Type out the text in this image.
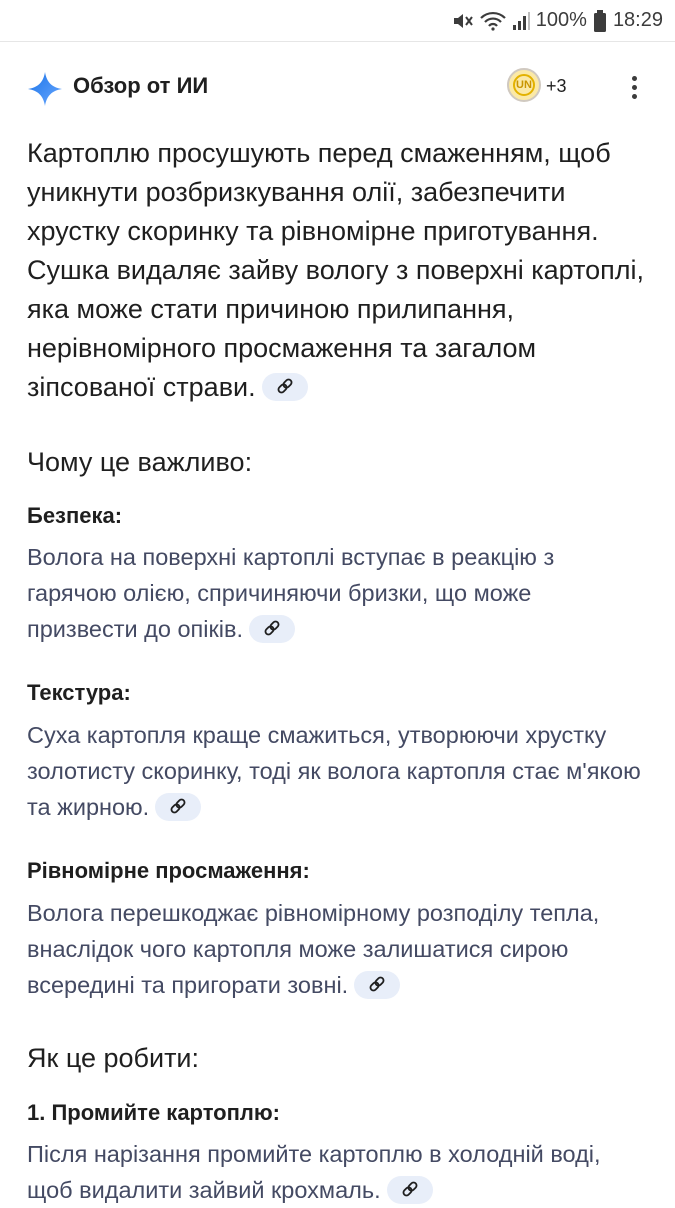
100% 18:29
Обзор от ИИ	UN +3

Картоплю просушують перед смаженням, щоб уникнути розбризкування олії, забезпечити хрустку скоринку та рівномірне приготування. Сушка видаляє зайву вологу з поверхні картоплі, яка може стати причиною прилипання, нерівномірного просмаження та загалом зіпсованої страви.

Чому це важливо:
Безпека:

Волога на поверхні картоплі вступає в реакцію з гарячою олією, спричиняючи бризки, що може призвести до опіків.

Текстура:

Суха картопля краще смажиться, утворюючи хрустку золотисту скоринку, тоді як волога картопля стає м'якою та жирною.

Рівномірне просмаження:

Волога перешкоджає рівномірному розподілу тепла, внаслідок чого картопля може залишатися сирою всередині та пригорати зовні.

Як це робити:
1. Промийте картоплю:

Після нарізання промийте картоплю в холодній воді, щоб видалити зайвий крохмаль.
